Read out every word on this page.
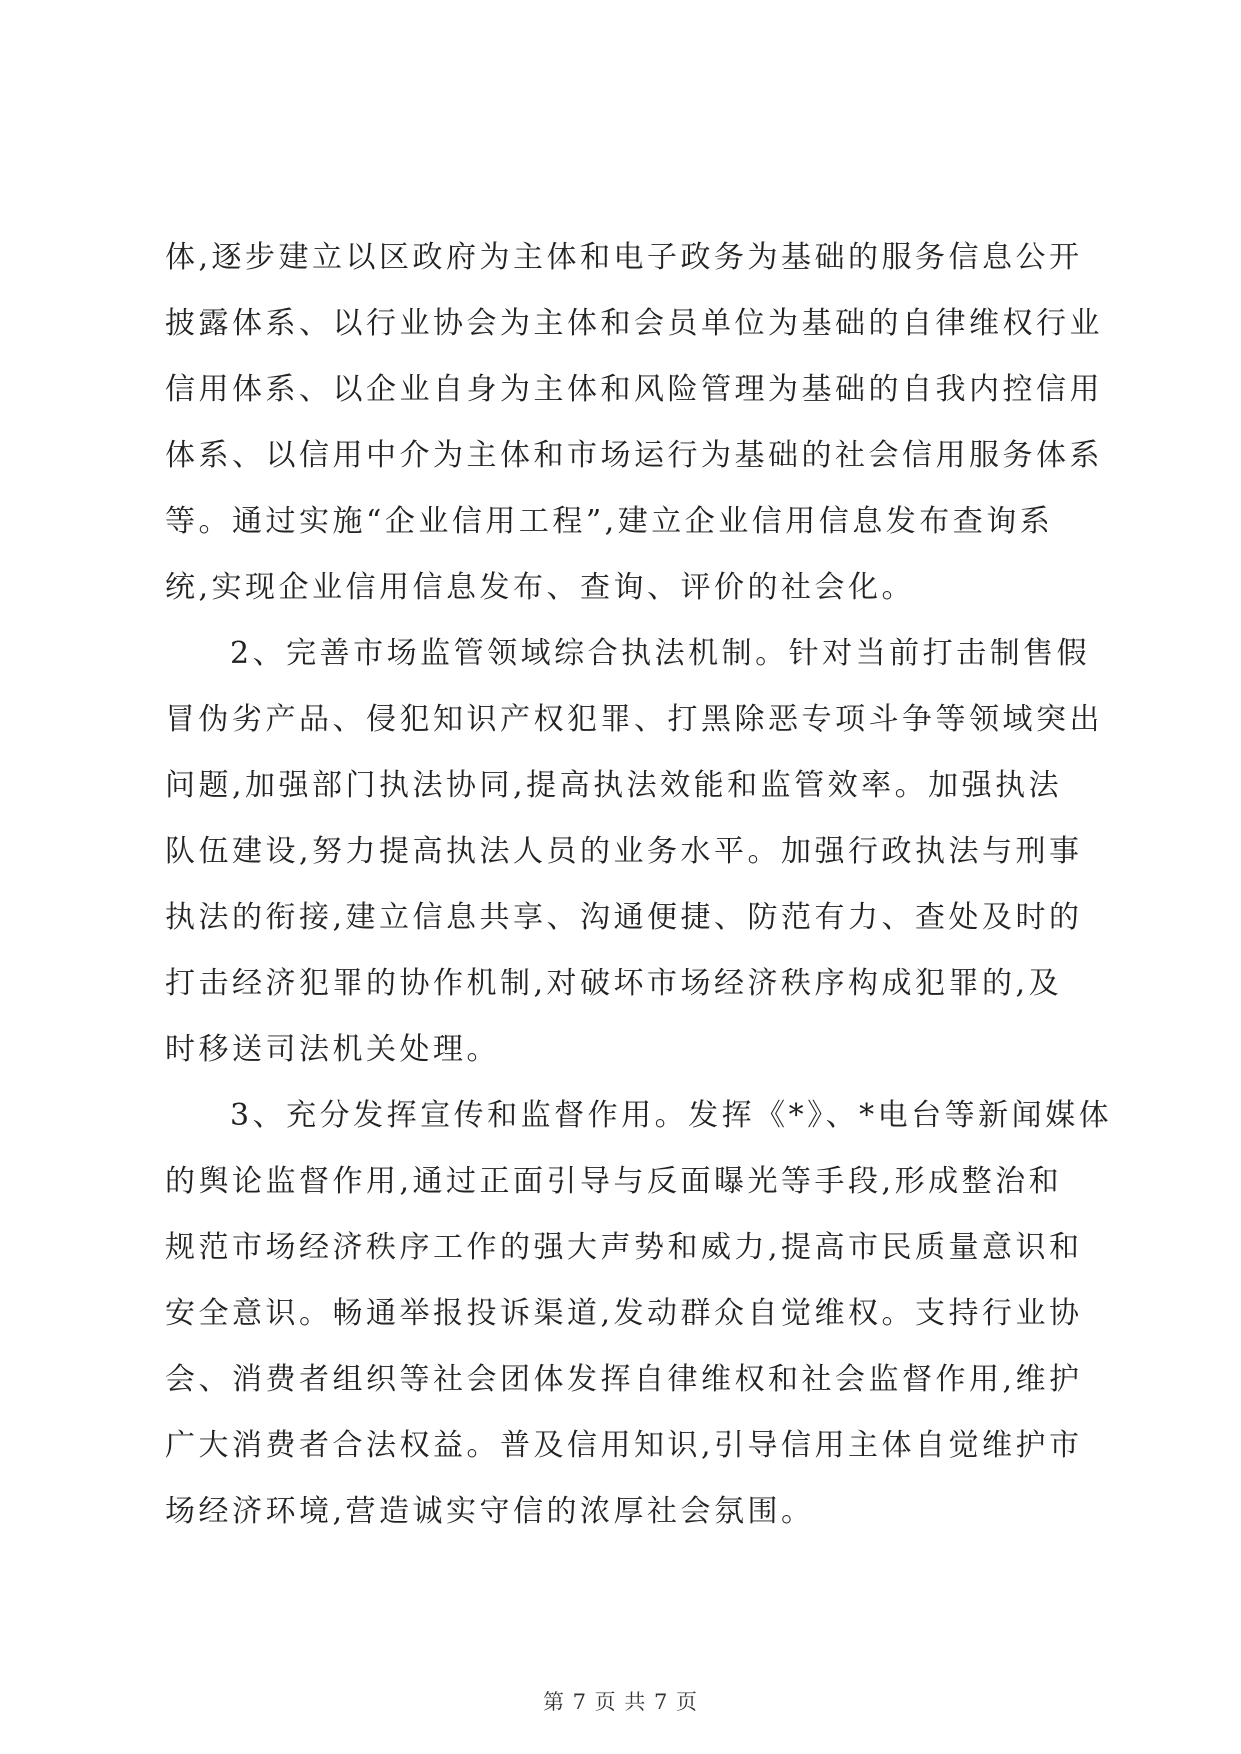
体,逐步建立以区政府为主体和电子政务为基础的服务信息公开
披露体系、以行业协会为主体和会员单位为基础的自律维权行业
信用体系、以企业自身为主体和风险管理为基础的自我内控信用
体系、以信用中介为主体和市场运行为基础的社会信用服务体系
等。通过实施“企业信用工程”,建立企业信用信息发布查询系
统,实现企业信用信息发布、查询、评价的社会化。
2、完善市场监管领域综合执法机制。针对当前打击制售假
冒伪劣产品、侵犯知识产权犯罪、打黑除恶专项斗争等领域突出
问题,加强部门执法协同,提高执法效能和监管效率。加强执法
队伍建设,努力提高执法人员的业务水平。加强行政执法与刑事
执法的衔接,建立信息共享、沟通便捷、防范有力、查处及时的
打击经济犯罪的协作机制,对破坏市场经济秩序构成犯罪的,及
时移送司法机关处理。
3、充分发挥宣传和监督作用。发挥《*》、*电台等新闻媒体
的舆论监督作用,通过正面引导与反面曝光等手段,形成整治和
规范市场经济秩序工作的强大声势和威力,提高市民质量意识和
安全意识。畅通举报投诉渠道,发动群众自觉维权。支持行业协
会、消费者组织等社会团体发挥自律维权和社会监督作用,维护
广大消费者合法权益。普及信用知识,引导信用主体自觉维护市
场经济环境,营造诚实守信的浓厚社会氛围。
第 7 页 共 7 页
